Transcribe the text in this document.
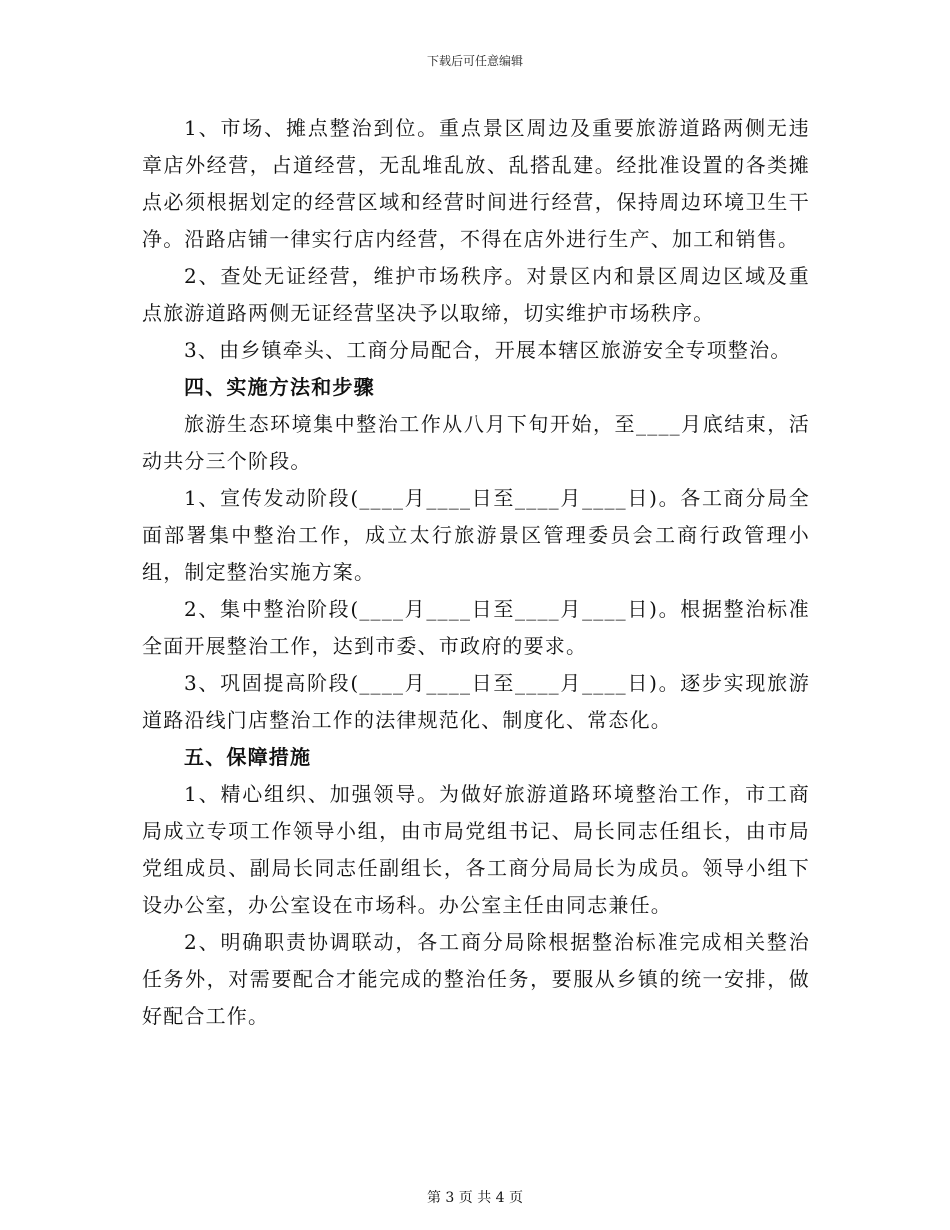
下载后可任意编辑

1、市场、摊点整治到位。重点景区周边及重要旅游道路两侧无违章店外经营，占道经营，无乱堆乱放、乱搭乱建。经批准设置的各类摊点必须根据划定的经营区域和经营时间进行经营，保持周边环境卫生干净。沿路店铺一律实行店内经营，不得在店外进行生产、加工和销售。

2、查处无证经营，维护市场秩序。对景区内和景区周边区域及重点旅游道路两侧无证经营坚决予以取缔，切实维护市场秩序。

3、由乡镇牵头、工商分局配合，开展本辖区旅游安全专项整治。

四、实施方法和步骤

旅游生态环境集中整治工作从八月下旬开始，至____月底结束，活动共分三个阶段。

1、宣传发动阶段(____月____日至____月____日)。各工商分局全面部署集中整治工作，成立太行旅游景区管理委员会工商行政管理小组，制定整治实施方案。

2、集中整治阶段(____月____日至____月____日)。根据整治标准全面开展整治工作，达到市委、市政府的要求。

3、巩固提高阶段(____月____日至____月____日)。逐步实现旅游道路沿线门店整治工作的法律规范化、制度化、常态化。

五、保障措施

1、精心组织、加强领导。为做好旅游道路环境整治工作，市工商局成立专项工作领导小组，由市局党组书记、局长同志任组长，由市局党组成员、副局长同志任副组长，各工商分局局长为成员。领导小组下设办公室，办公室设在市场科。办公室主任由同志兼任。

2、明确职责协调联动，各工商分局除根据整治标准完成相关整治任务外，对需要配合才能完成的整治任务，要服从乡镇的统一安排，做好配合工作。

第 3 页 共 4 页
